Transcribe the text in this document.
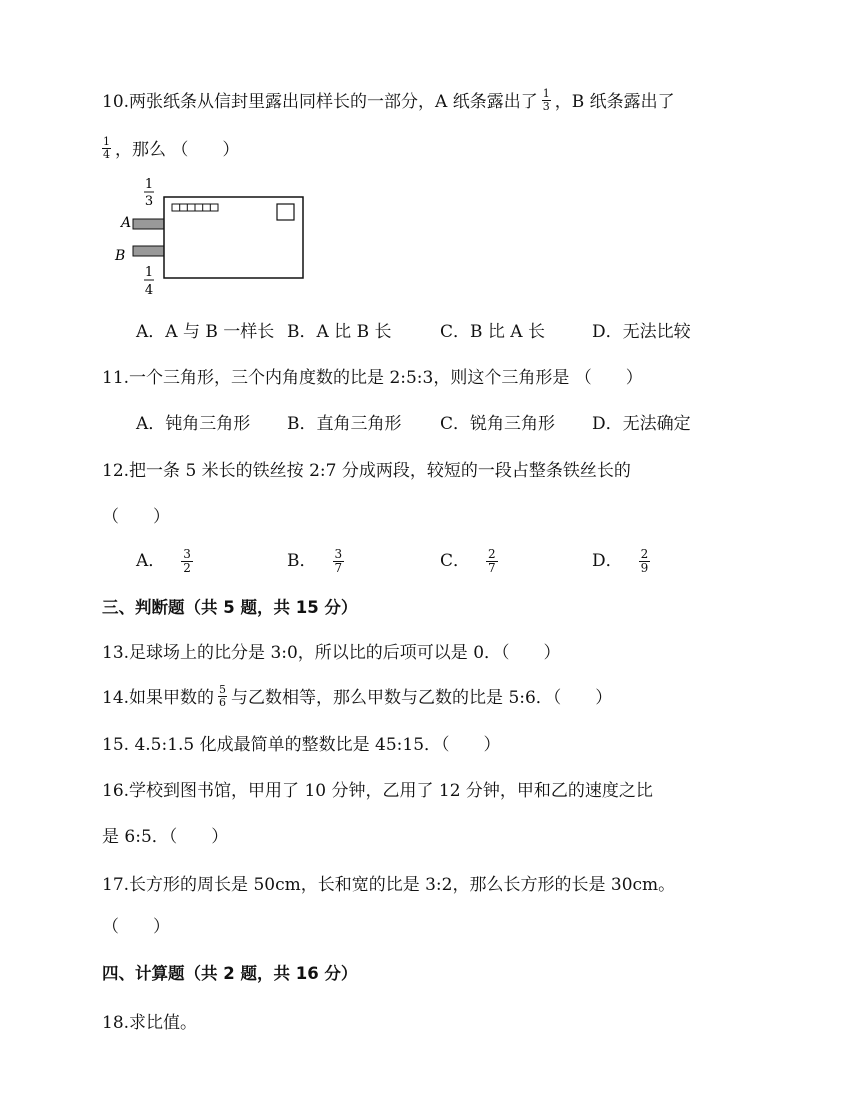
10.两张纸条从信封里露出同样长的一部分，A 纸条露出了 $\frac{1}{3}$ ，B 纸条露出了
$\frac{1}{4}$ ，那么 （　　）
1
3
A
B
1
4
A．A 与 B 一样长 B．A 比 B 长	C．B 比 A 长	D．无法比较
11.一个三角形，三个内角度数的比是 2:5:3，则这个三角形是 （　　）
A．钝角三角形 B．直角三角形 C．锐角三角形 D．无法确定
12.把一条 5 米长的铁丝按 2:7 分成两段，较短的一段占整条铁丝长的
（　　）
A． $\frac{3}{2}$	B． $\frac{3}{7}$	C． $\frac{2}{7}$	D． $\frac{2}{9}$
三、判断题（共 5 题，共 15 分）
13.足球场上的比分是 3:0，所以比的后项可以是 0．（　　）
14.如果甲数的 $\frac{5}{6}$ 与乙数相等，那么甲数与乙数的比是 5:6．（　　）
15. 4.5:1.5 化成最简单的整数比是 45:15．（　　）
16.学校到图书馆，甲用了 10 分钟，乙用了 12 分钟，甲和乙的速度之比
是 6:5．（　　）
17.长方形的周长是 50cm，长和宽的比是 3:2，那么长方形的长是 30cm。
（　　）
四、计算题（共 2 题，共 16 分）
18.求比值。
